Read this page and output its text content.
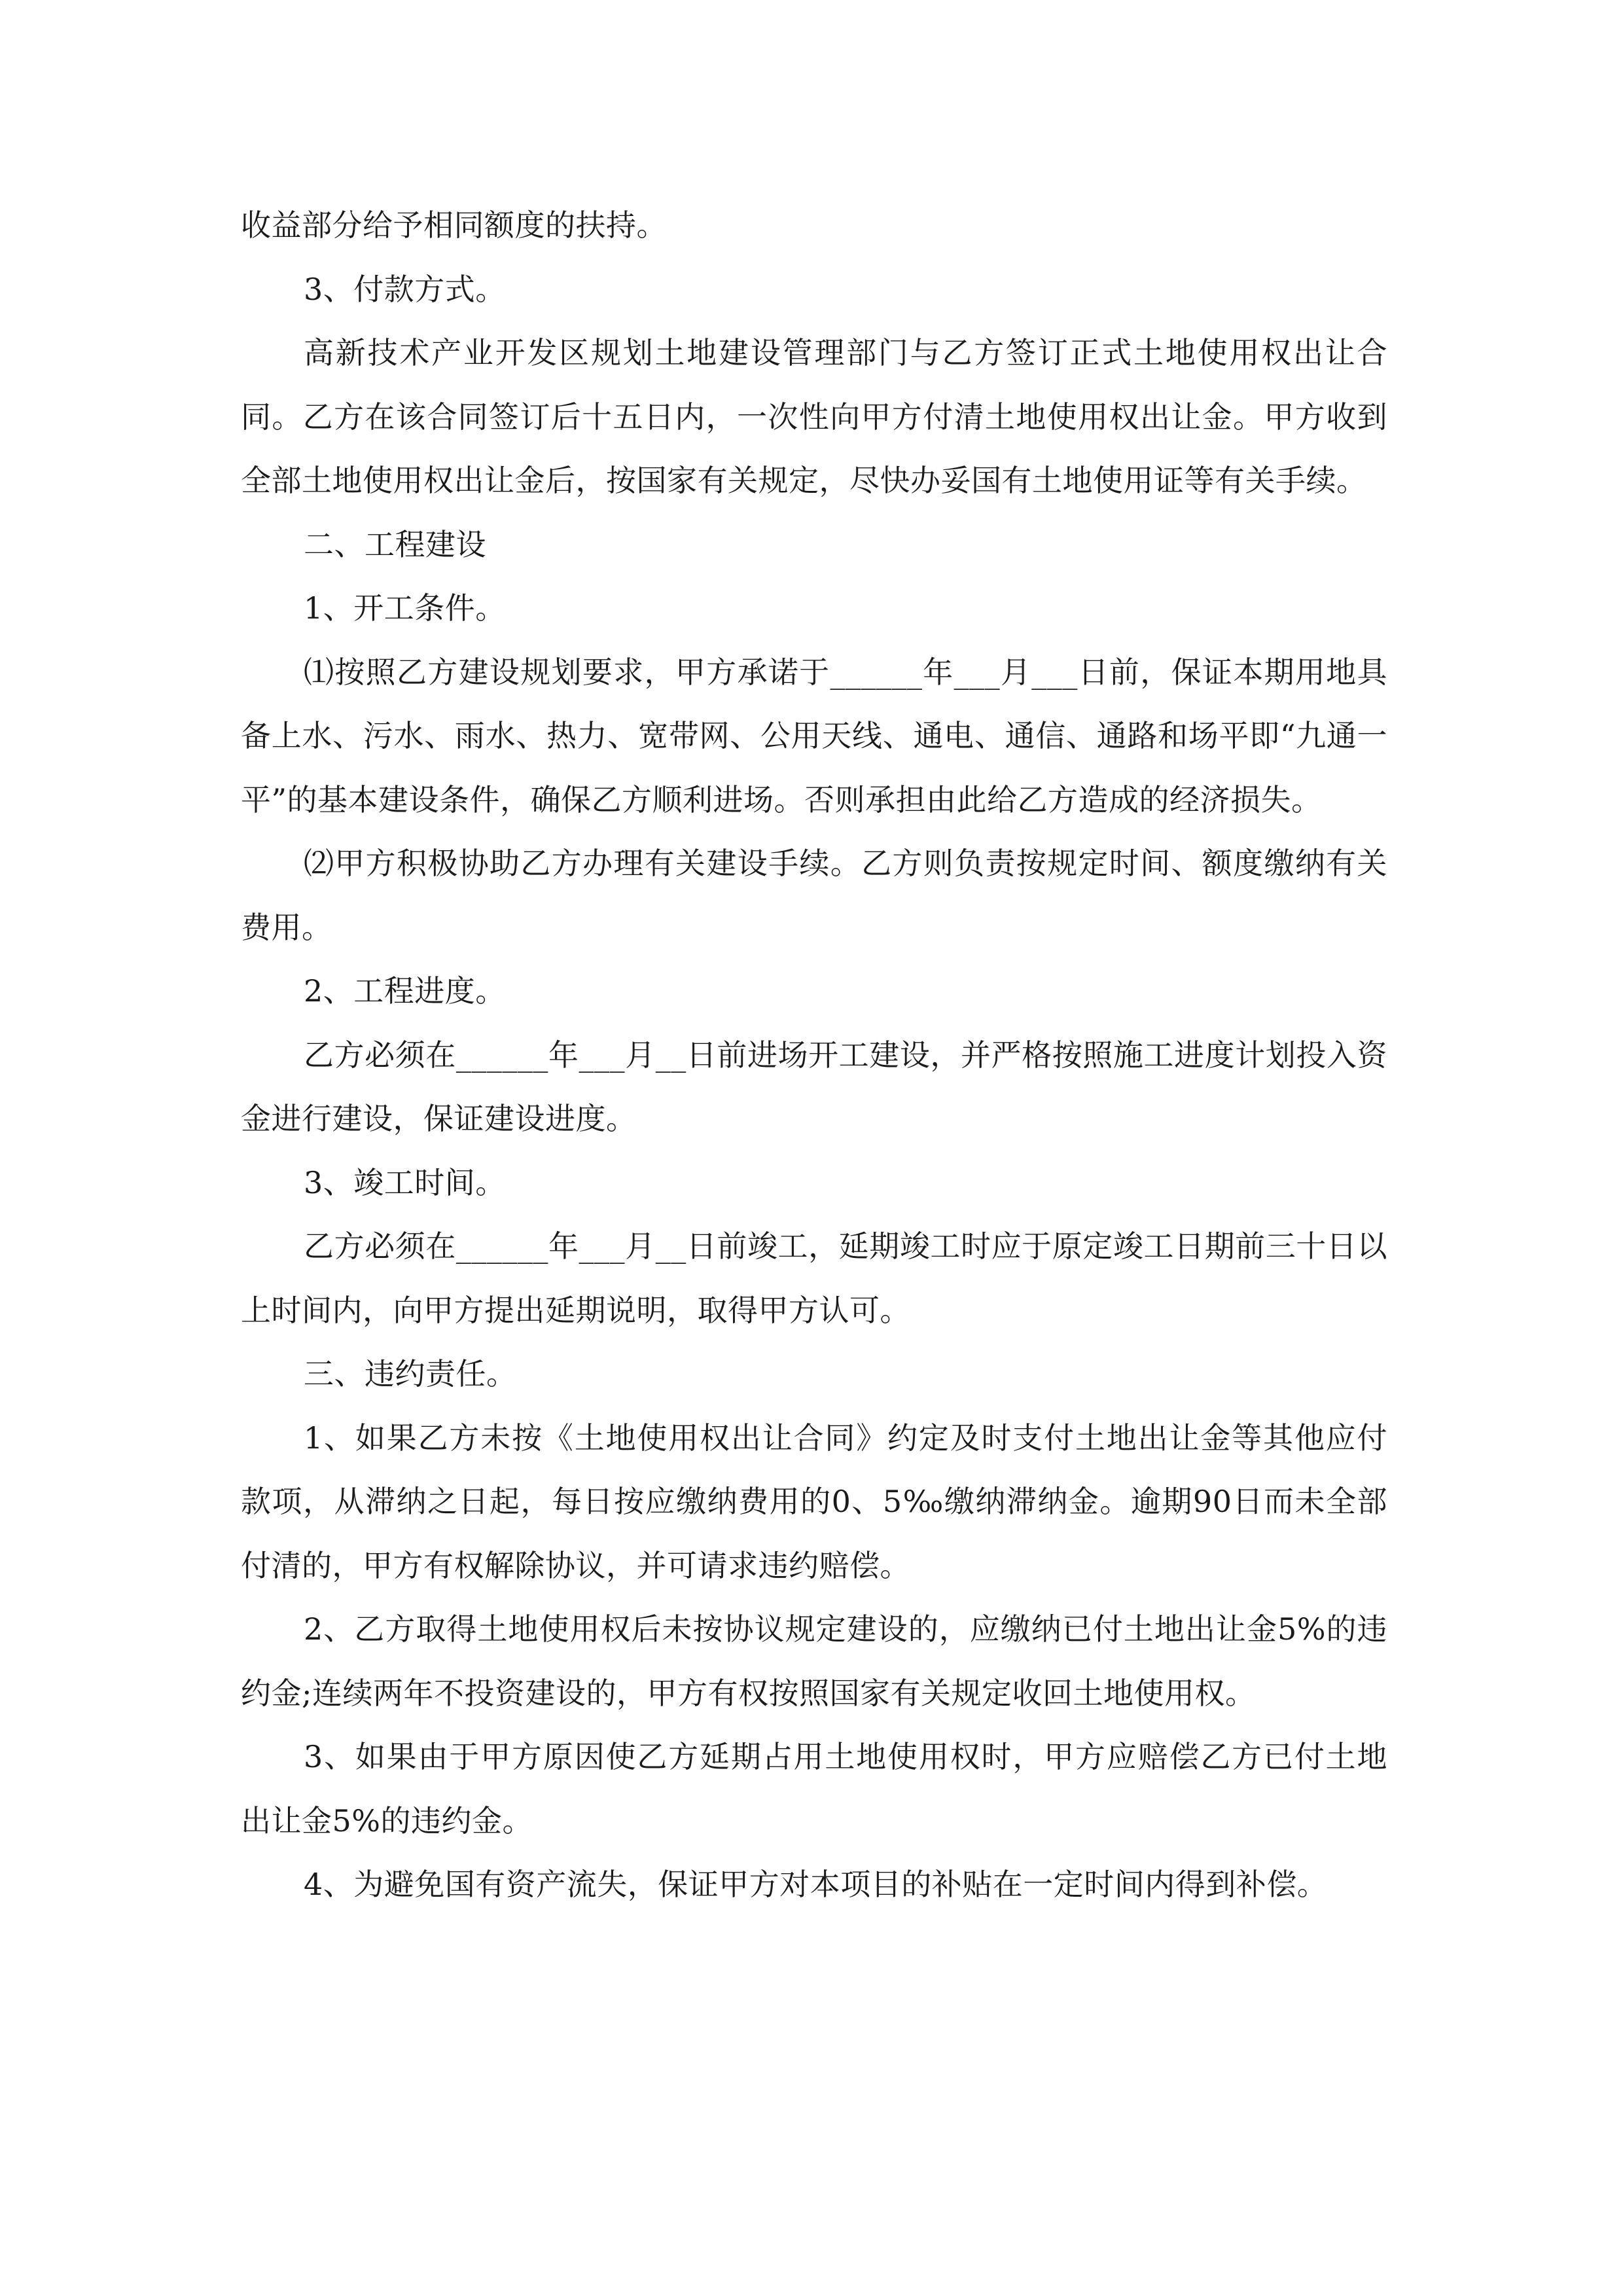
收益部分给予相同额度的扶持。

3、付款方式。

高新技术产业开发区规划土地建设管理部门与乙方签订正式土地使用权出让合同。乙方在该合同签订后十五日内，一次性向甲方付清土地使用权出让金。甲方收到全部土地使用权出让金后，按国家有关规定，尽快办妥国有土地使用证等有关手续。

二、工程建设

1、开工条件。

⑴按照乙方建设规划要求，甲方承诺于______年___月___日前，保证本期用地具备上水、污水、雨水、热力、宽带网、公用天线、通电、通信、通路和场平即“九通一平”的基本建设条件，确保乙方顺利进场。否则承担由此给乙方造成的经济损失。

⑵甲方积极协助乙方办理有关建设手续。乙方则负责按规定时间、额度缴纳有关费用。

2、工程进度。

乙方必须在______年___月__日前进场开工建设，并严格按照施工进度计划投入资金进行建设，保证建设进度。

3、竣工时间。

乙方必须在______年___月__日前竣工，延期竣工时应于原定竣工日期前三十日以上时间内，向甲方提出延期说明，取得甲方认可。

三、违约责任。

1、如果乙方未按《土地使用权出让合同》约定及时支付土地出让金等其他应付款项，从滞纳之日起，每日按应缴纳费用的0、5‰缴纳滞纳金。逾期90日而未全部付清的，甲方有权解除协议，并可请求违约赔偿。

2、乙方取得土地使用权后未按协议规定建设的，应缴纳已付土地出让金5%的违约金;连续两年不投资建设的，甲方有权按照国家有关规定收回土地使用权。

3、如果由于甲方原因使乙方延期占用土地使用权时，甲方应赔偿乙方已付土地出让金5%的违约金。

4、为避免国有资产流失，保证甲方对本项目的补贴在一定时间内得到补偿。
